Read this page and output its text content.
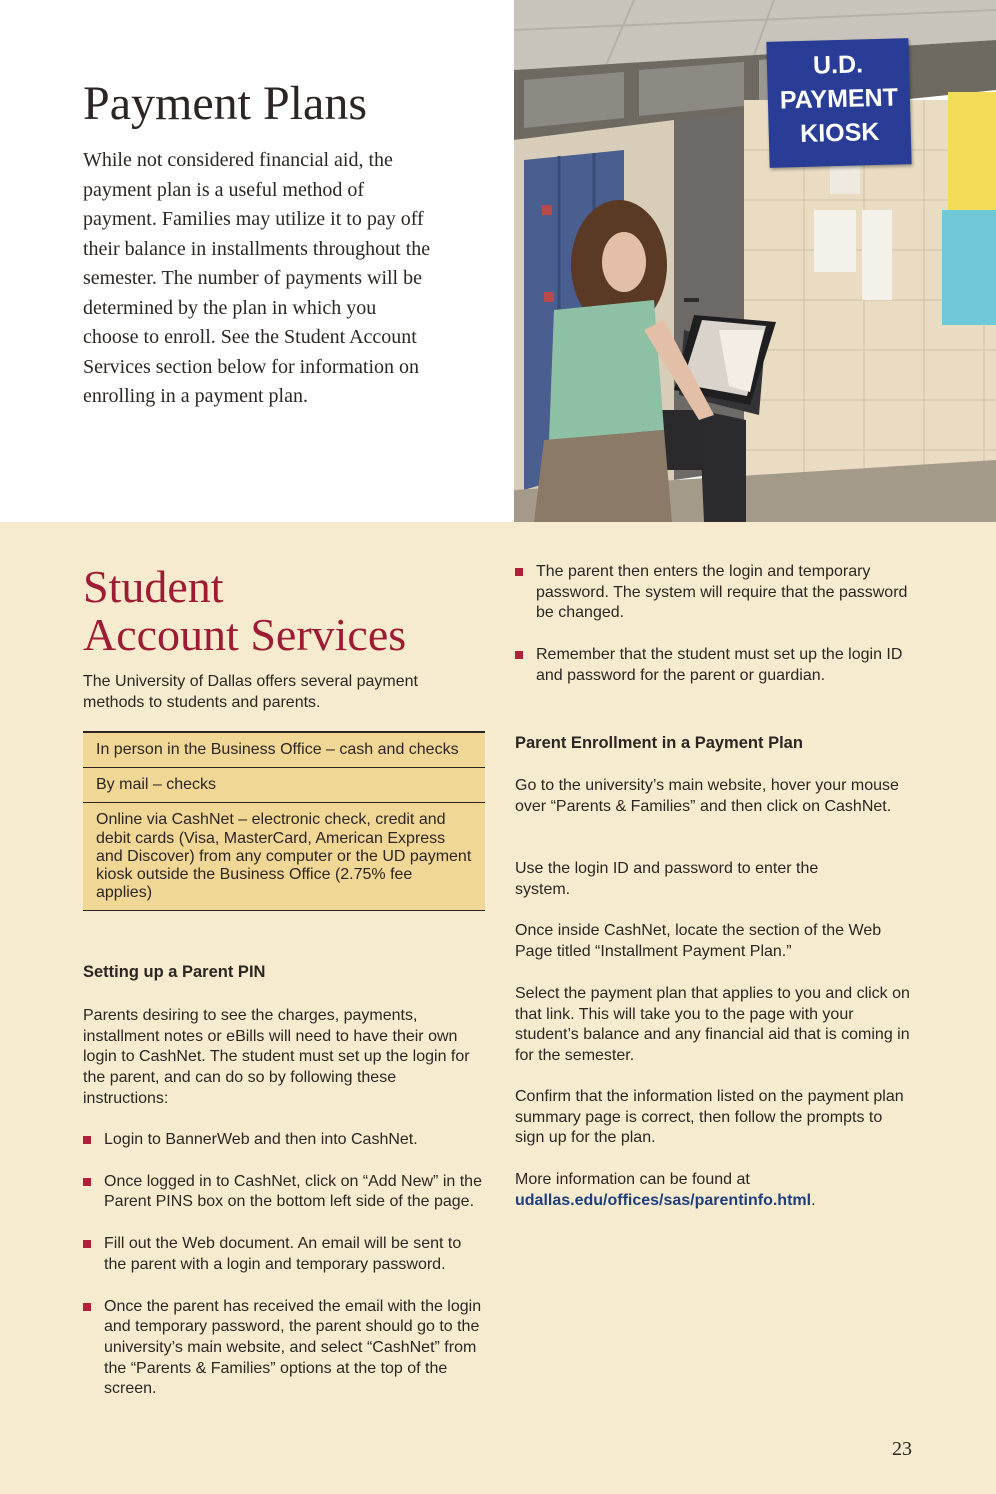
Payment Plans

While not considered financial aid, the payment plan is a useful method of payment. Families may utilize it to pay off their balance in installments throughout the semester. The number of payments will be determined by the plan in which you choose to enroll. See the Student Account Services section below for information on enrolling in a payment plan.

U.D.
PAYMENT
KIOSK
Student
Account Services

The University of Dallas offers several payment methods to students and parents.

In person in the Business Office – cash and checks
By mail – checks
Online via CashNet – electronic check, credit and debit cards (Visa, MasterCard, American Express and Discover) from any computer or the UD payment kiosk outside the Business Office (2.75% fee applies)
Setting up a Parent PIN

Parents desiring to see the charges, payments, installment notes or eBills will need to have their own login to CashNet. The student must set up the login for the parent, and can do so by following these instructions:

Login to BannerWeb and then into CashNet.
Once logged in to CashNet, click on “Add New” in the Parent PINS box on the bottom left side of the page.
Fill out the Web document. An email will be sent to the parent with a login and temporary password.
Once the parent has received the email with the login and temporary password, the parent should go to the university’s main website, and select “CashNet” from the “Parents & Families” options at the top of the screen.
The parent then enters the login and temporary password. The system will require that the password be changed.
Remember that the student must set up the login ID and password for the parent or guardian.
Parent Enrollment in a Payment Plan

Go to the university’s main website, hover your mouse over “Parents & Families” and then click on CashNet.

Use the login ID and password to enter the system.

Once inside CashNet, locate the section of the Web Page titled “Installment Payment Plan.”

Select the payment plan that applies to you and click on that link. This will take you to the page with your student’s balance and any financial aid that is coming in for the semester.

Confirm that the information listed on the payment plan summary page is correct, then follow the prompts to sign up for the plan.

More information can be found at
udallas.edu/offices/sas/parentinfo.html.

23
